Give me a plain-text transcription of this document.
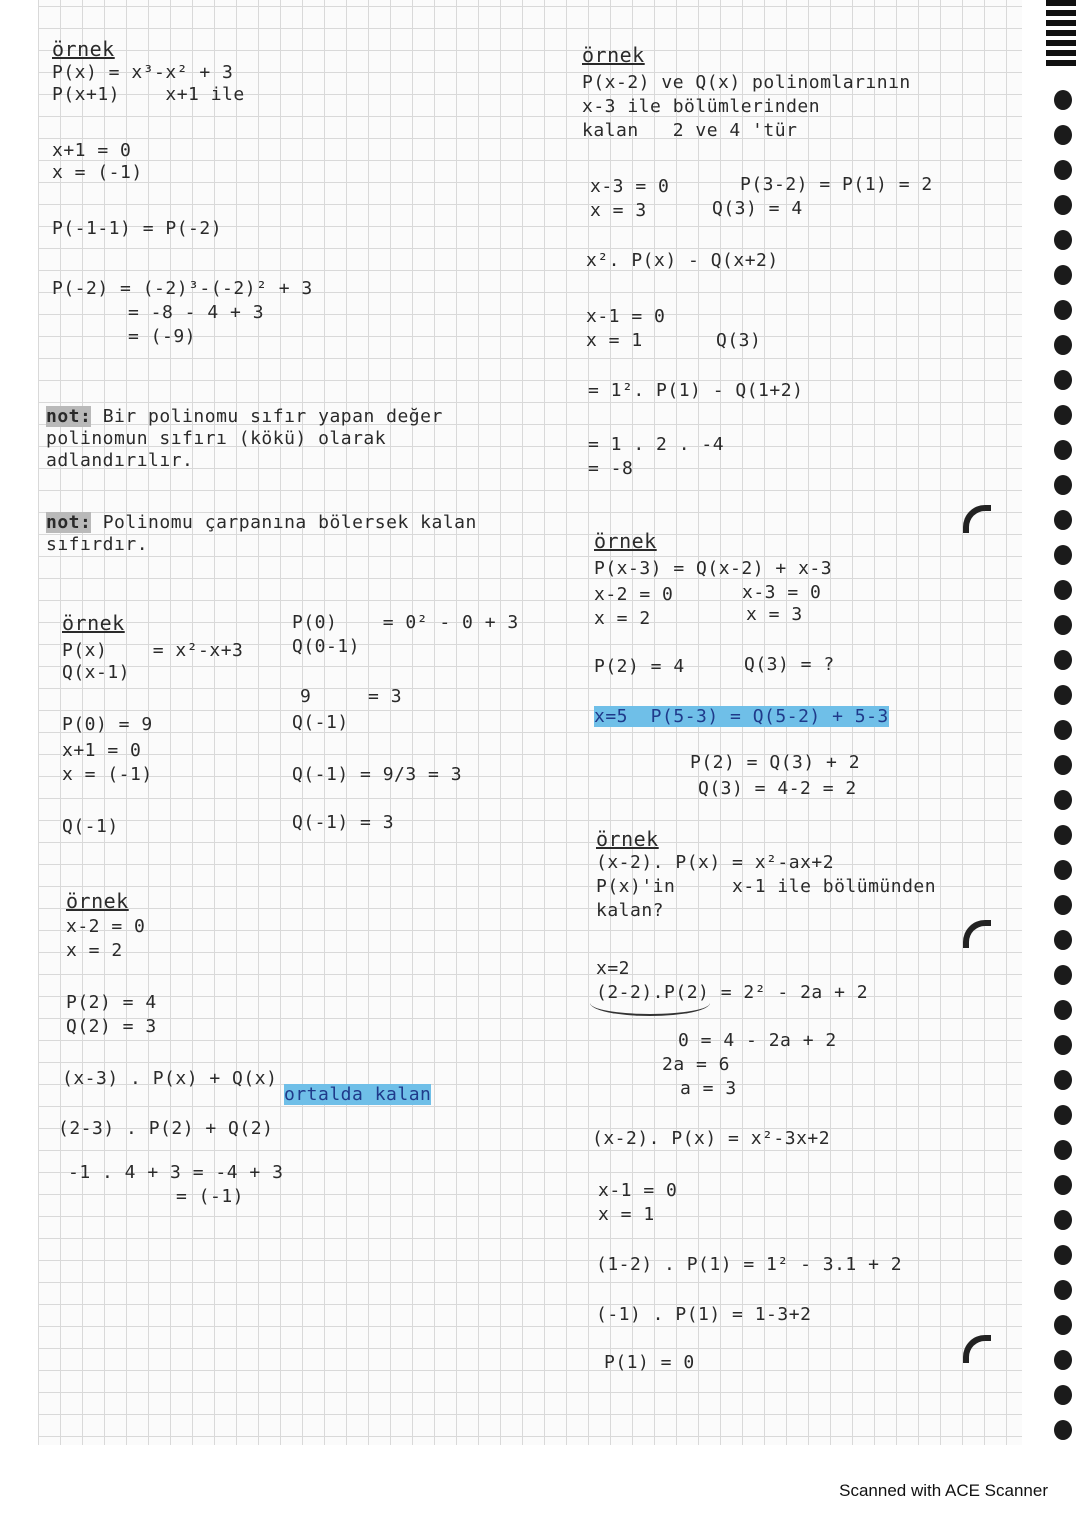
örnek
P(x) = x³-x² + 3
P(x+1)    x+1 ile
x+1 = 0
x = (-1)
P(-1-1) = P(-2)
P(-2) = (-2)³-(-2)² + 3
= -8 - 4 + 3
= (-9)
not: Bir polinomu sıfır yapan değer polinomun sıfırı (kökü) olarak adlandırılır.
not: Polinomu çarpanına bölersek kalan sıfırdır.
örnek
P(x)    = x²-x+3
Q(x-1)
P(0) = 9
x+1 = 0
x = (-1)
Q(-1)
P(0)    = 0² - 0 + 3
Q(0-1)
9     = 3
Q(-1)
Q(-1) = 9/3 = 3
Q(-1) = 3
örnek
x-2 = 0
x = 2
P(2) = 4
Q(2) = 3
(x-3) . P(x) + Q(x)
ortalda kalan
(2-3) . P(2) + Q(2)
-1 . 4 + 3 = -4 + 3
= (-1)
örnek
P(x-2) ve Q(x) polinomlarının
x-3 ile bölümlerinden
kalan   2 ve 4 'tür
x-3 = 0
x = 3
P(3-2) = P(1) = 2
Q(3) = 4
x². P(x) - Q(x+2)
x-1 = 0
x = 1	Q(3)
= 1². P(1) - Q(1+2)
= 1 . 2 . -4
= -8
örnek
P(x-3) = Q(x-2) + x-3
x-2 = 0
x = 2
x-3 = 0
x = 3
P(2) = 4	Q(3) = ?
x=5  P(5-3) = Q(5-2) + 5-3
P(2) = Q(3) + 2
Q(3) = 4-2 = 2
örnek
(x-2). P(x) = x²-ax+2
P(x)'in     x-1 ile bölümünden
kalan?
x=2
(2-2).P(2) = 2² - 2a + 2
0 = 4 - 2a + 2
2a = 6
a = 3
(x-2). P(x) = x²-3x+2
x-1 = 0
x = 1
(1-2) . P(1) = 1² - 3.1 + 2
(-1) . P(1) = 1-3+2
P(1) = 0
Scanned with ACE Scanner
